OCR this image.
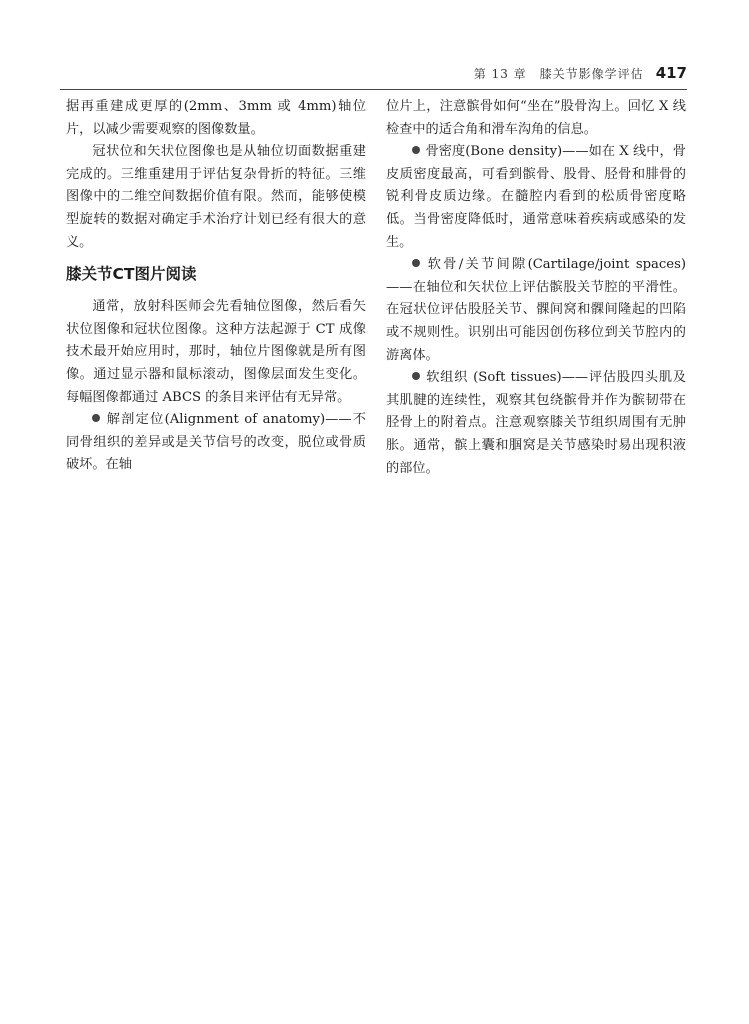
第 13 章　膝关节影像学评估 417

据再重建成更厚的(2mm、3mm 或 4mm)轴位片，以减少需要观察的图像数量。

冠状位和矢状位图像也是从轴位切面数据重建完成的。三维重建用于评估复杂骨折的特征。三维图像中的二维空间数据价值有限。然而，能够使模型旋转的数据对确定手术治疗计划已经有很大的意义。

膝关节CT图片阅读

通常，放射科医师会先看轴位图像，然后看矢状位图像和冠状位图像。这种方法起源于 CT 成像技术最开始应用时，那时，轴位片图像就是所有图像。通过显示器和鼠标滚动，图像层面发生变化。每幅图像都通过 ABCS 的条目来评估有无异常。

解剖定位(Alignment of anatomy)——不同骨组织的差异或是关节信号的改变，脱位或骨质破坏。在轴

位片上，注意髌骨如何“坐在”股骨沟上。回忆 X 线检查中的适合角和滑车沟角的信息。

骨密度(Bone density)——如在 X 线中，骨皮质密度最高，可看到髌骨、股骨、胫骨和腓骨的锐利骨皮质边缘。在髓腔内看到的松质骨密度略低。当骨密度降低时，通常意味着疾病或感染的发生。

软骨/关节间隙(Cartilage/joint spaces)——在轴位和矢状位上评估髌股关节腔的平滑性。在冠状位评估股胫关节、髁间窝和髁间隆起的凹陷或不规则性。识别出可能因创伤移位到关节腔内的游离体。

软组织 (Soft tissues)——评估股四头肌及其肌腱的连续性，观察其包绕髌骨并作为髌韧带在胫骨上的附着点。注意观察膝关节组织周围有无肿胀。通常，髌上囊和腘窝是关节感染时易出现积液的部位。
